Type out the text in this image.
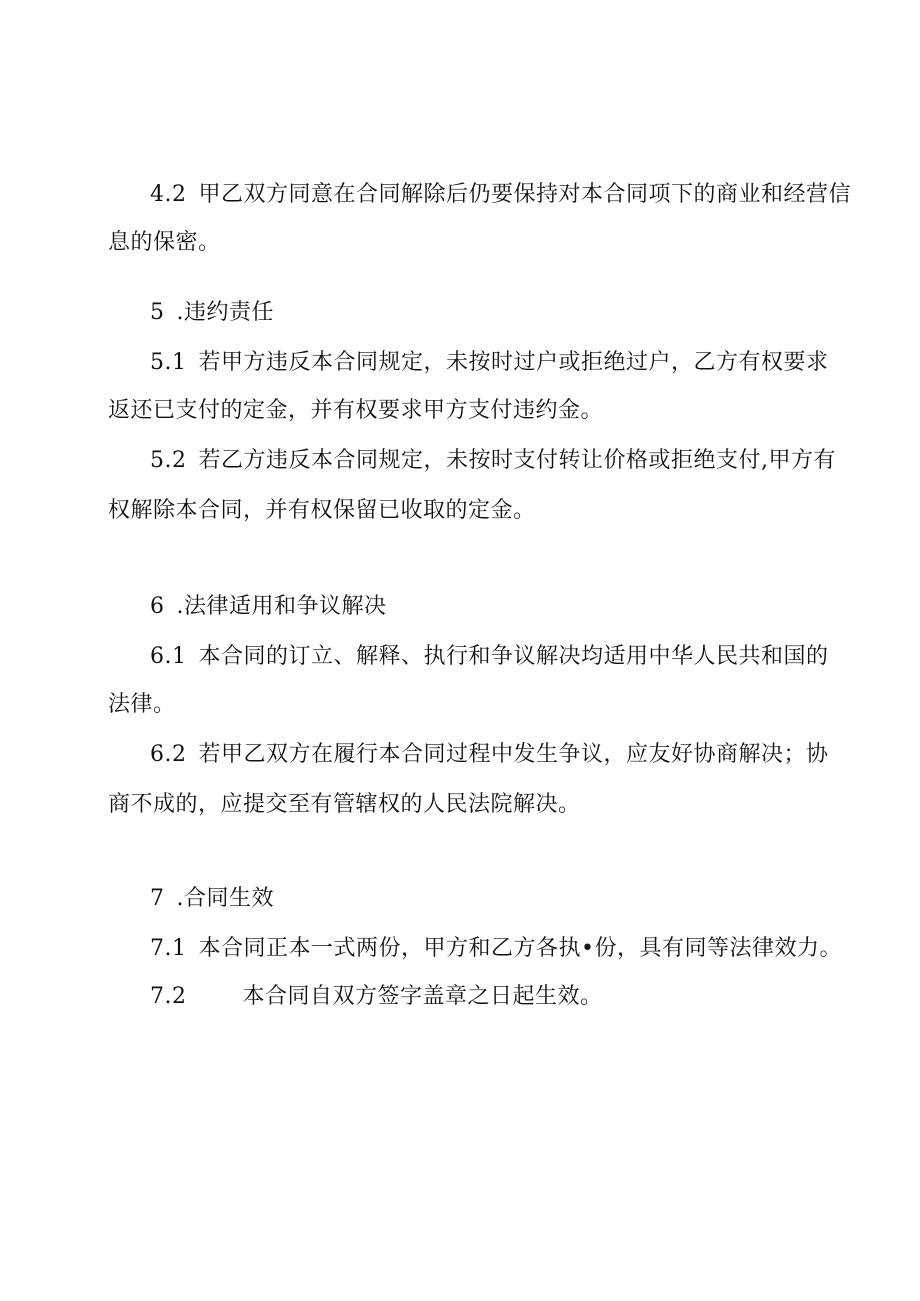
4.2 甲乙双方同意在合同解除后仍要保持对本合同项下的商业和经营信
息的保密。
5 .违约责任
5.1 若甲方违反本合同规定，未按时过户或拒绝过户，乙方有权要求
返还已支付的定金，并有权要求甲方支付违约金。
5.2 若乙方违反本合同规定，未按时支付转让价格或拒绝支付,甲方有
权解除本合同，并有权保留已收取的定金。
6 .法律适用和争议解决
6.1 本合同的订立、解释、执行和争议解决均适用中华人民共和国的
法律。
6.2 若甲乙双方在履行本合同过程中发生争议，应友好协商解决；协
商不成的，应提交至有管辖权的人民法院解决。
7 .合同生效
7.1 本合同正本一式两份，甲方和乙方各执•份，具有同等法律效力。
7.2	本合同自双方签字盖章之日起生效。
